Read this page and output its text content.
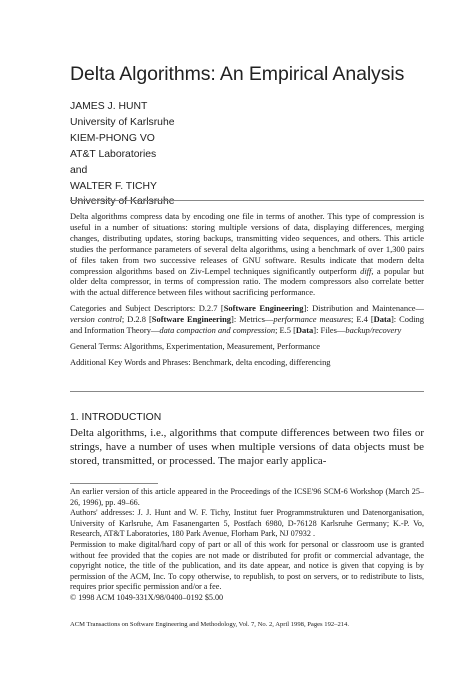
Delta Algorithms: An Empirical Analysis
JAMES J. HUNT
University of Karlsruhe
KIEM-PHONG VO
AT&T Laboratories
and
WALTER F. TICHY
University of Karlsruhe

Delta algorithms compress data by encoding one file in terms of another. This type of compression is useful in a number of situations: storing multiple versions of data, displaying differences, merging changes, distributing updates, storing backups, transmitting video sequences, and others. This article studies the performance parameters of several delta algorithms, using a benchmark of over 1,300 pairs of files taken from two successive releases of GNU software. Results indicate that modern delta compression algorithms based on Ziv-Lempel techniques significantly outperform diff, a popular but older delta compressor, in terms of compression ratio. The modern compressors also correlate better with the actual difference between files without sacrificing performance.

Categories and Subject Descriptors: D.2.7 [Software Engineering]: Distribution and Maintenance—version control; D.2.8 [Software Engineering]: Metrics—performance measures; E.4 [Data]: Coding and Information Theory—data compaction and compression; E.5 [Data]: Files—backup/recovery

General Terms: Algorithms, Experimentation, Measurement, Performance

Additional Key Words and Phrases: Benchmark, delta encoding, differencing

1. INTRODUCTION

Delta algorithms, i.e., algorithms that compute differences between two files or strings, have a number of uses when multiple versions of data objects must be stored, transmitted, or processed. The major early applica-

An earlier version of this article appeared in the Proceedings of the ICSE'96 SCM-6 Workshop (March 25–26, 1996), pp. 49–66.

Authors' addresses: J. J. Hunt and W. F. Tichy, Institut fuer Programmstrukturen und Datenorganisation, University of Karlsruhe, Am Fasanengarten 5, Postfach 6980, D-76128 Karlsruhe Germany; K.-P. Vo, Research, AT&T Laboratories, 180 Park Avenue, Florham Park, NJ 07932 .

Permission to make digital/hard copy of part or all of this work for personal or classroom use is granted without fee provided that the copies are not made or distributed for profit or commercial advantage, the copyright notice, the title of the publication, and its date appear, and notice is given that copying is by permission of the ACM, Inc. To copy otherwise, to republish, to post on servers, or to redistribute to lists, requires prior specific permission and/or a fee.

© 1998 ACM 1049-331X/98/0400–0192 $5.00

ACM Transactions on Software Engineering and Methodology, Vol. 7, No. 2, April 1998, Pages 192–214.
